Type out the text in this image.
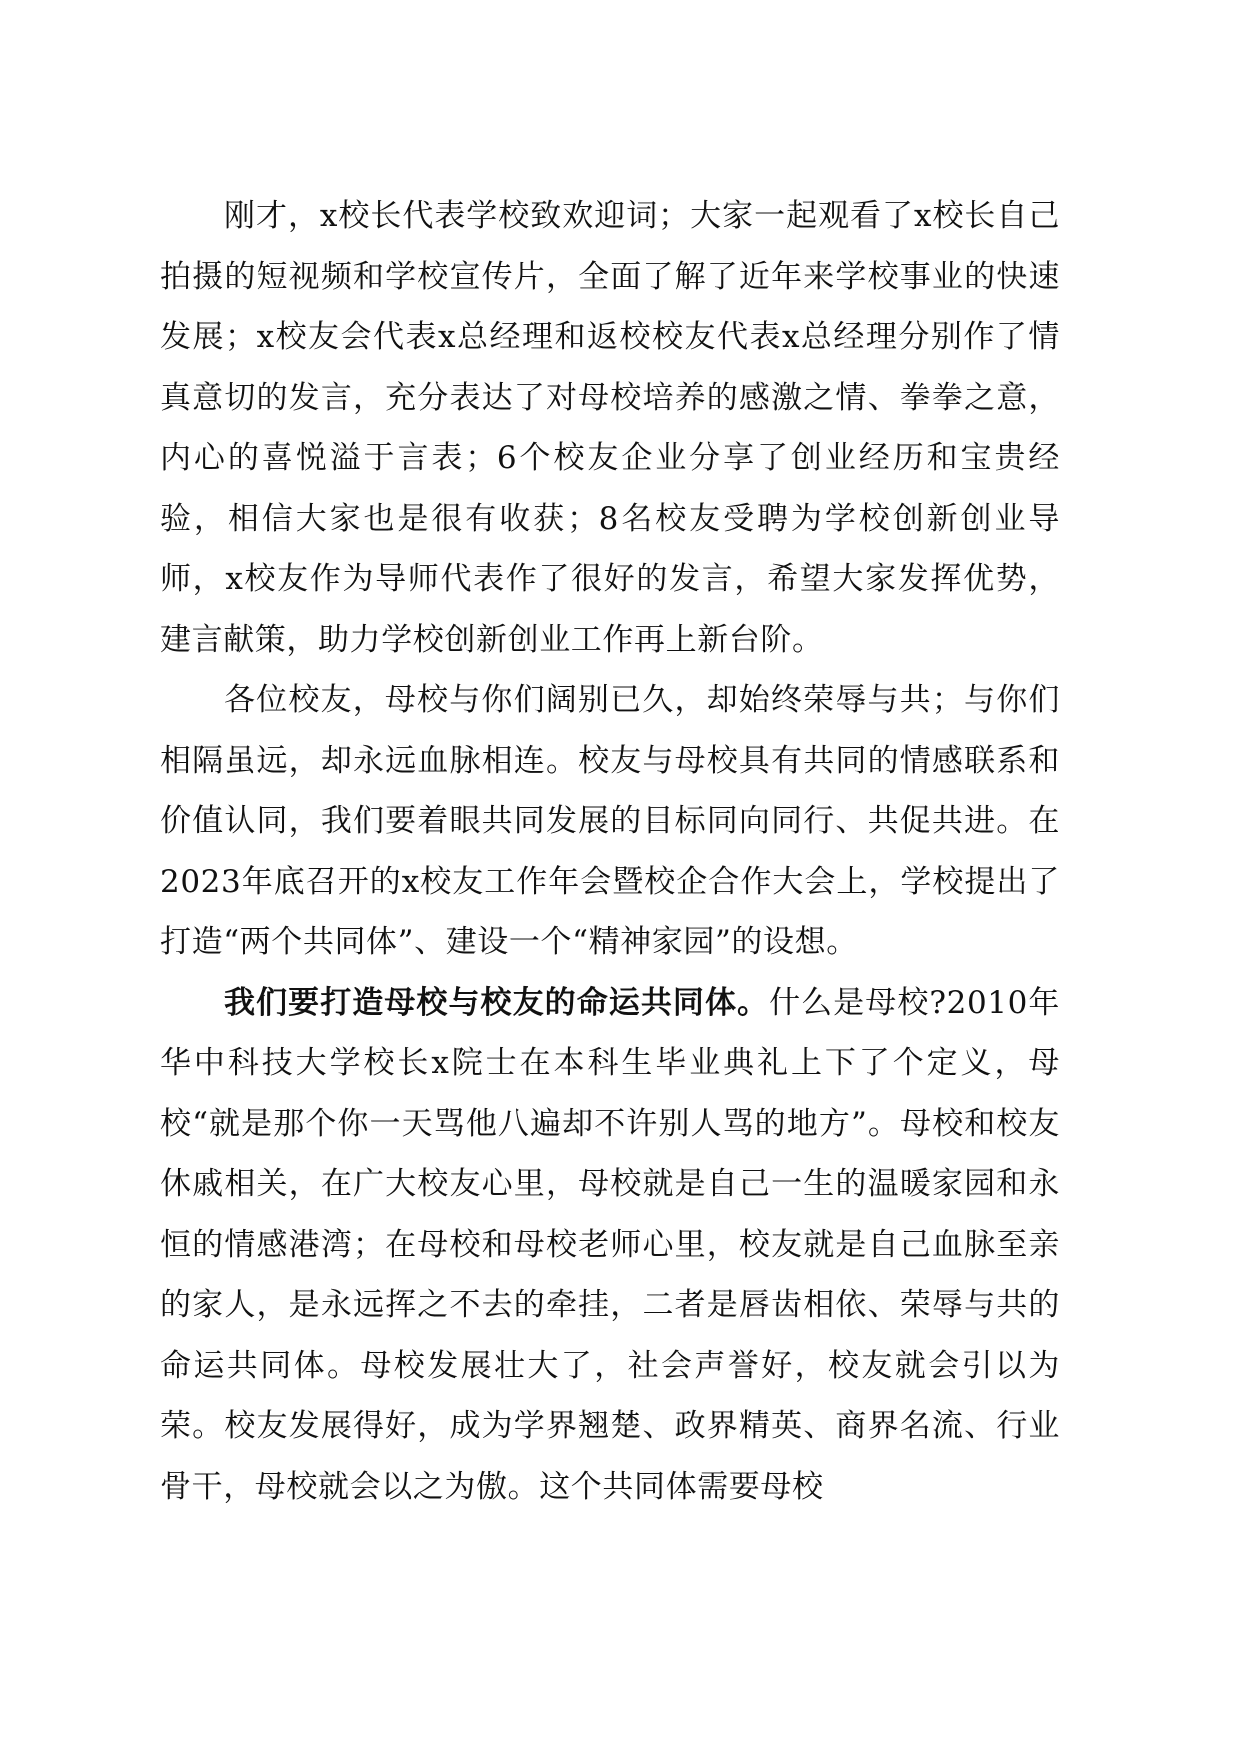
刚才，x校长代表学校致欢迎词；大家一起观看了x校长自己拍摄的短视频和学校宣传片，全面了解了近年来学校事业的快速发展；x校友会代表x总经理和返校校友代表x总经理分别作了情真意切的发言，充分表达了对母校培养的感激之情、拳拳之意，内心的喜悦溢于言表；6个校友企业分享了创业经历和宝贵经验，相信大家也是很有收获；8名校友受聘为学校创新创业导师，x校友作为导师代表作了很好的发言，希望大家发挥优势，建言献策，助力学校创新创业工作再上新台阶。

各位校友，母校与你们阔别已久，却始终荣辱与共；与你们相隔虽远，却永远血脉相连。校友与母校具有共同的情感联系和价值认同，我们要着眼共同发展的目标同向同行、共促共进。在2023年底召开的x校友工作年会暨校企合作大会上，学校提出了打造“两个共同体”、建设一个“精神家园”的设想。

我们要打造母校与校友的命运共同体。什么是母校?2010年华中科技大学校长x院士在本科生毕业典礼上下了个定义，母校“就是那个你一天骂他八遍却不许别人骂的地方”。母校和校友休戚相关，在广大校友心里，母校就是自己一生的温暖家园和永恒的情感港湾；在母校和母校老师心里，校友就是自己血脉至亲的家人，是永远挥之不去的牵挂，二者是唇齿相依、荣辱与共的命运共同体。母校发展壮大了，社会声誉好，校友就会引以为荣。校友发展得好，成为学界翘楚、政界精英、商界名流、行业骨干，母校就会以之为傲。这个共同体需要母校
